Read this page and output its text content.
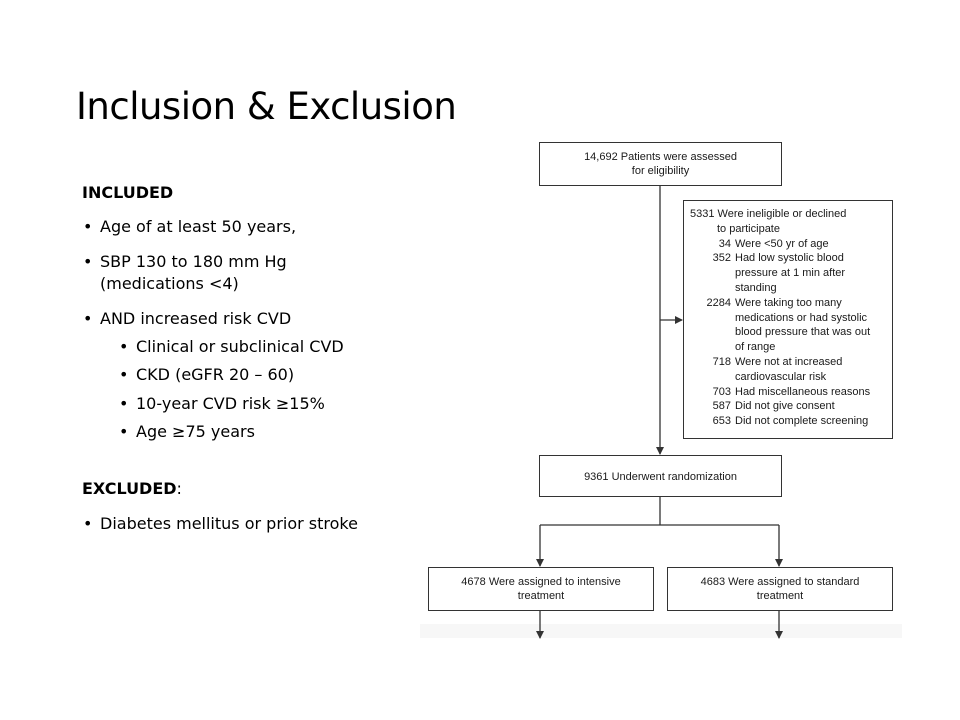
Inclusion & Exclusion
INCLUDED
• Age of at least 50 years,
• SBP 130 to 180 mm Hg
(medications <4)
• AND increased risk CVD
• Clinical or subclinical CVD
• CKD (eGFR 20 – 60)
• 10-year CVD risk ≥15%
• Age ≥75 years
EXCLUDED:
• Diabetes mellitus or prior stroke
14,692 Patients were assessed
for eligibility
5331 Were ineligible or declined
to participate
34 Were <50 yr of age
352 Had low systolic blood
pressure at 1 min after
standing
2284 Were taking too many
medications or had systolic
blood pressure that was out
of range
718 Were not at increased
cardiovascular risk
703 Had miscellaneous reasons
587 Did not give consent
653 Did not complete screening
9361 Underwent randomization
4678 Were assigned to intensive
treatment
4683 Were assigned to standard
treatment
